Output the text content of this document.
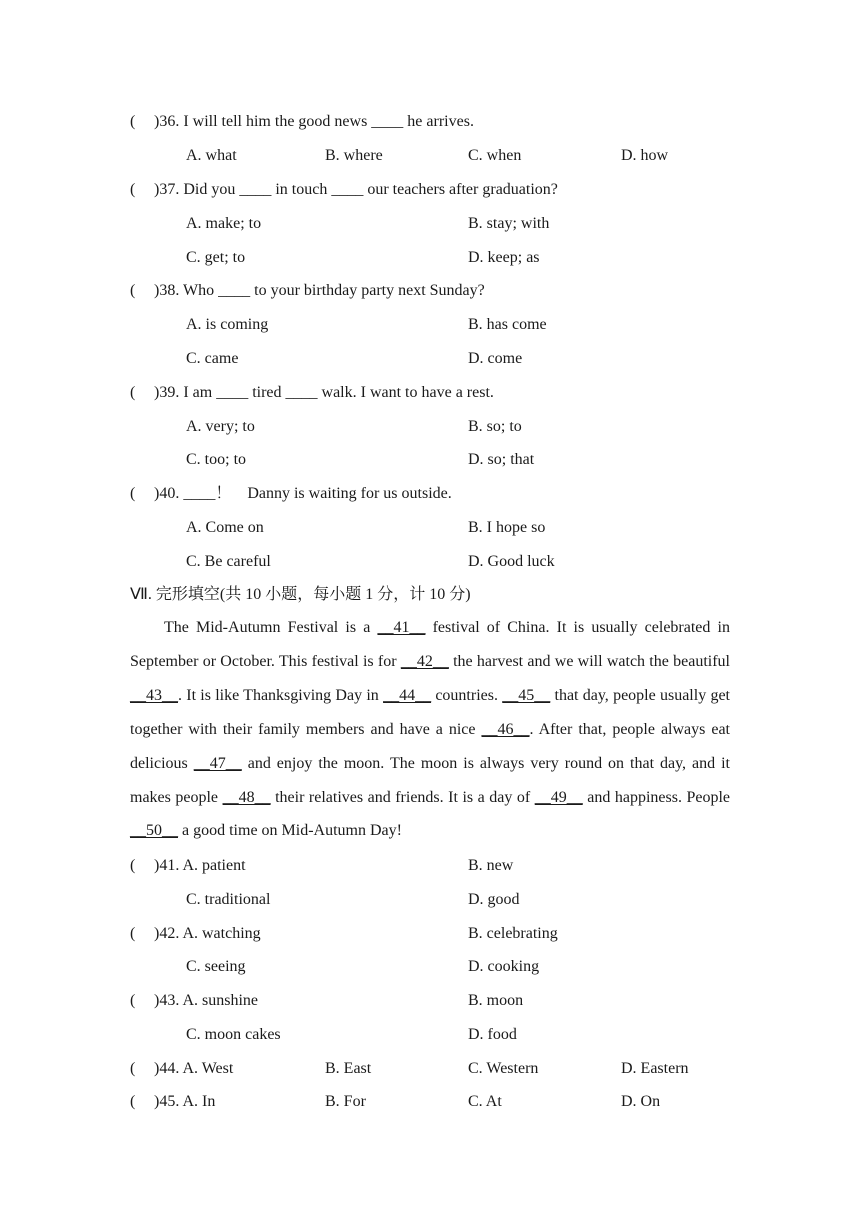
( )36. I will tell him the good news ____ he arrives.
A. what	B. where	C. when	D. how
( )37. Did you ____ in touch ____ our teachers after graduation?
A. make; to	B. stay; with
C. get; to	D. keep; as
( )38. Who ____ to your birthday party next Sunday?
A. is coming	B. has come
C. came	D. come
( )39. I am ____ tired ____ walk. I want to have a rest.
A. very; to	B. so; to
C. too; to	D. so; that
( )40. ____！　Danny is waiting for us outside.
A. Come on	B. I hope so
C. Be careful	D. Good luck
Ⅶ. 完形填空(共 10 小题，每小题 1 分，计 10 分)

The Mid-Autumn Festival is a __41__ festival of China. It is usually celebrated in September or October. This festival is for __42__ the harvest and we will watch the beautiful __43__. It is like Thanksgiving Day in __44__ countries. __45__ that day, people usually get together with their family members and have a nice __46__. After that, people always eat delicious __47__ and enjoy the moon. The moon is always very round on that day, and it makes people __48__ their relatives and friends. It is a day of __49__ and happiness. People __50__ a good time on Mid-Autumn Day!

( )41. A. patient	B. new
C. traditional	D. good
( )42. A. watching	B. celebrating
C. seeing	D. cooking
( )43. A. sunshine	B. moon
C. moon cakes	D. food
( )44. A. West	B. East	C. Western	D. Eastern
( )45. A. In	B. For	C. At	D. On
